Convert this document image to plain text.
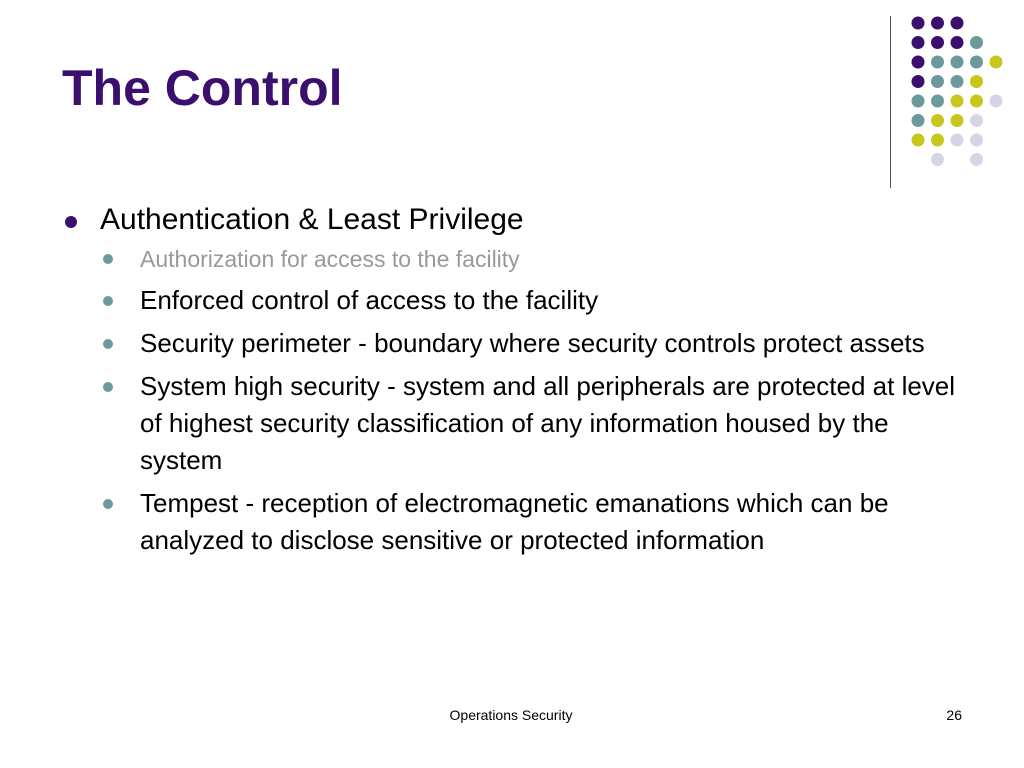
The Control
Authentication & Least Privilege
Authorization for access to the facility
Enforced control of access to the facility
Security perimeter - boundary where security controls protect assets
System high security - system and all peripherals are protected at level of highest security classification of any information housed by the system
Tempest - reception of electromagnetic emanations which can be analyzed to disclose sensitive or protected information
Operations Security	26
